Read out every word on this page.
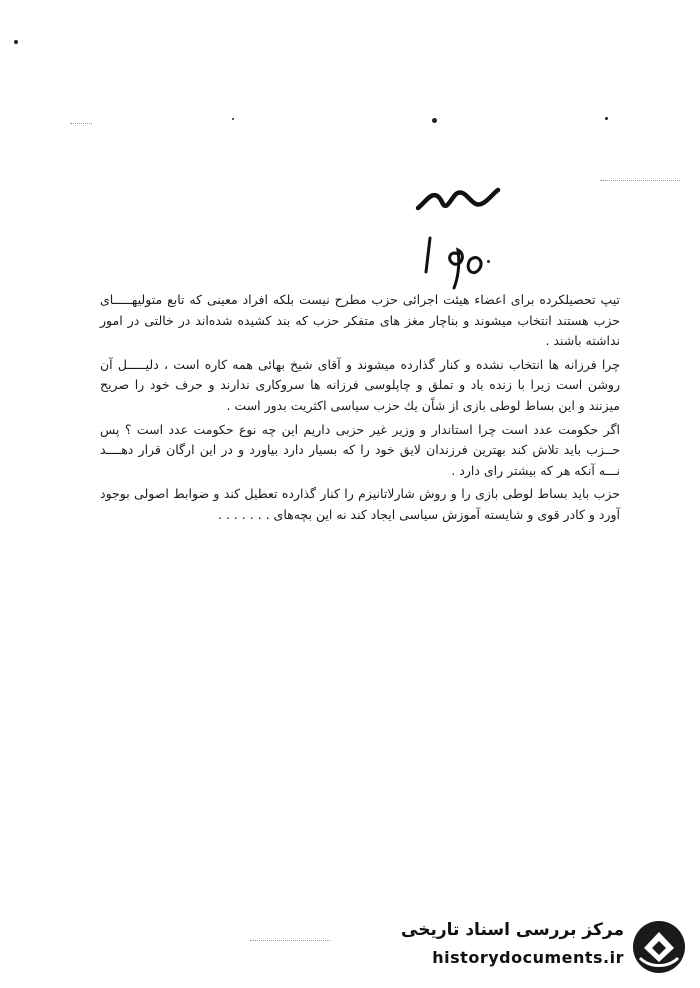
تیپ تحصیلکرده برای اعضاء هیئت اجرائی حزب مطرح نیست بلکه افراد معینی که تابع متولیهـــــای حزب هستند انتخاب میشوند و بناچار مغز های متفکر حزب که بند کشیده شده‌اند در خالتی در امور نداشته باشند .

چرا فرزانه ها انتخاب نشده و کنار گذارده میشوند و آقای شیخ بهائی همه کاره است ، دلیـــــل آن روشن است زیرا با زنده باد و تملق و چاپلوسی فرزانه ها سروکاری ندارند و حرف خود را صریح میزنند و این بساط لوطی بازی از شاًن یك حزب سیاسی اکثریت بدور است .

اگر حکومت عدد است چرا استاندار و وزیر غیر حزبی داریم این چه نوع حکومت عدد است ؟ پس حــزب باید تلاش کند بهترین فرزندان لایق خود را که بسیار دارد بیاورد و در این ارگان قرار دهــــد نـــه آنکه هر که بیشتر رای دارد .

حزب باید بساط لوطی بازی را و روش شارلاتانیزم را کنار گذارده تعطیل کند و ضوابط اصولی بوجود آورد و کادر قوی و شایسته آموزش سیاسی ایجاد کند نه این بچه‌های . . . . . . .

مرکز بررسی اسناد تاریخی
historydocuments.ir
